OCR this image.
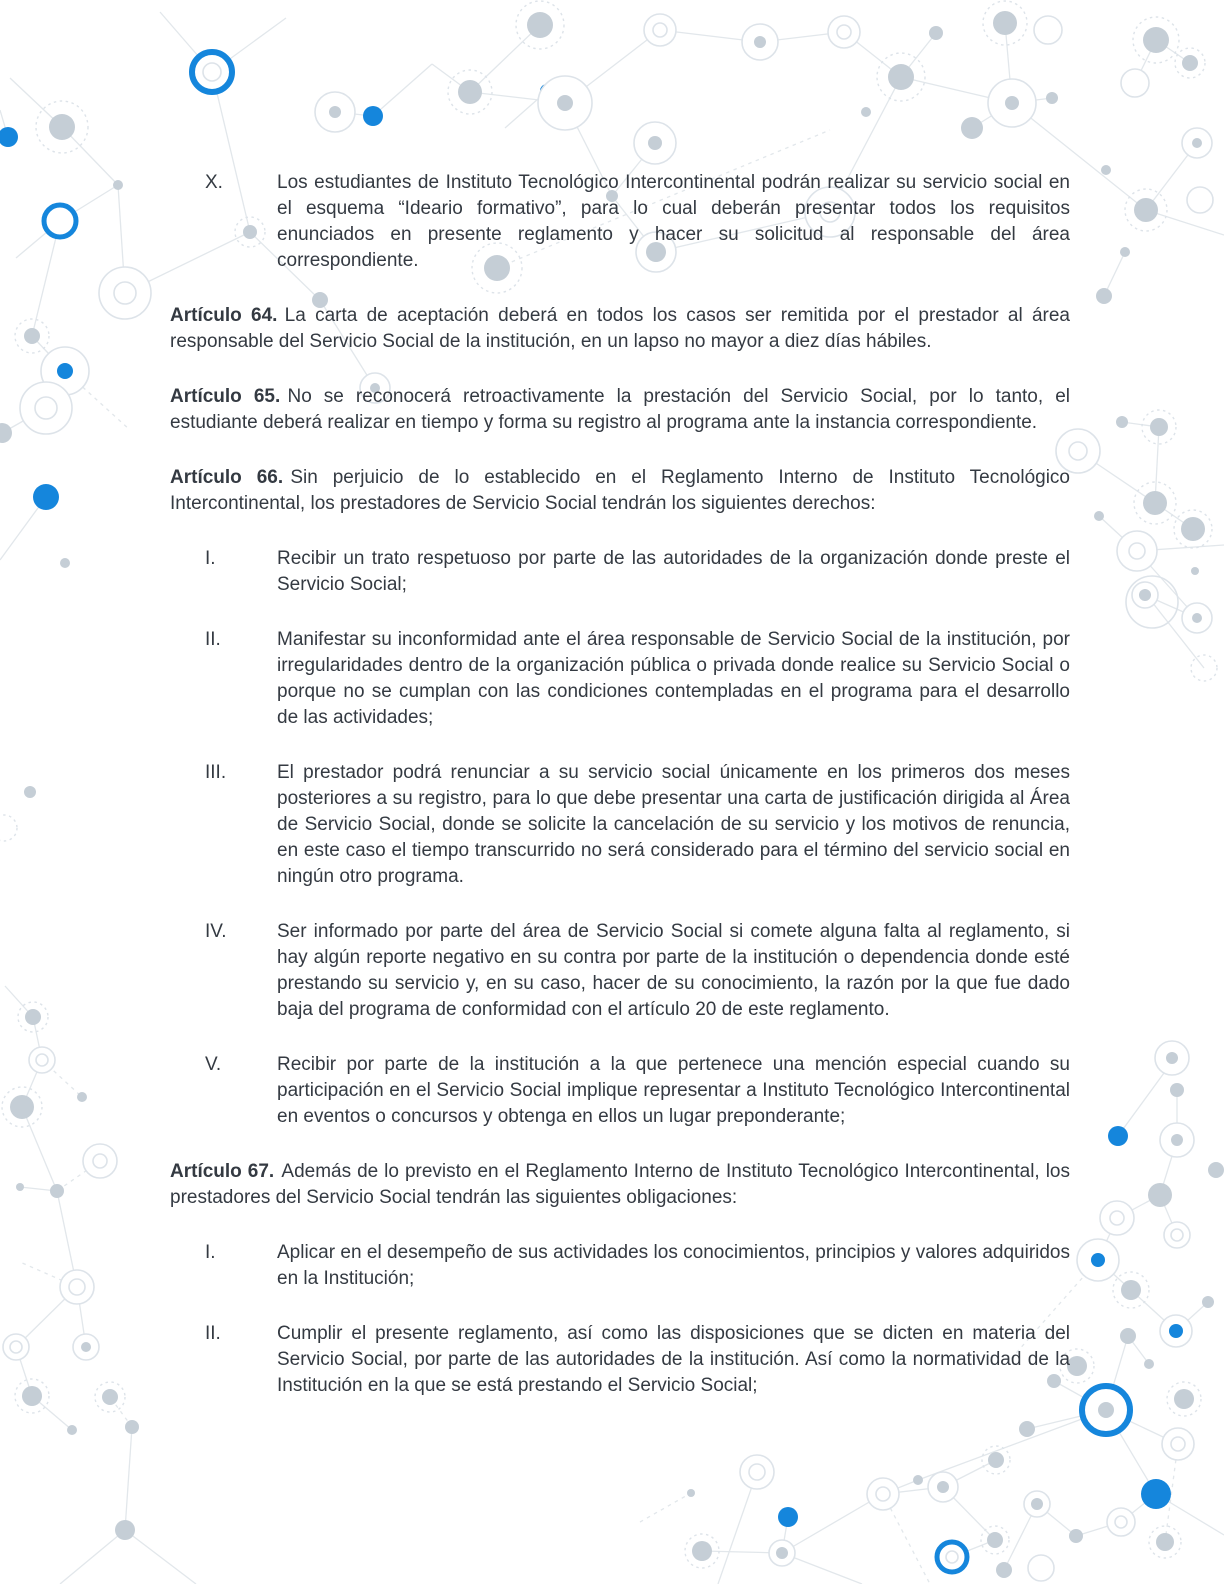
X.	Los estudiantes de Instituto Tecnológico Intercontinental podrán realizar su servicio social en el esquema “Ideario formativo”, para lo cual deberán presentar todos los requisitos enunciados en presente reglamento y hacer su solicitud al responsable del área correspondiente.

Artículo 64. La carta de aceptación deberá en todos los casos ser remitida por el prestador al área responsable del Servicio Social de la institución, en un lapso no mayor a diez días hábiles.

Artículo 65. No se reconocerá retroactivamente la prestación del Servicio Social, por lo tanto, el estudiante deberá realizar en tiempo y forma su registro al programa ante la instancia correspondiente.

Artículo 66. Sin perjuicio de lo establecido en el Reglamento Interno de Instituto Tecnológico Intercontinental, los prestadores de Servicio Social tendrán los siguientes derechos:

I.	Recibir un trato respetuoso por parte de las autoridades de la organización donde preste el Servicio Social;

II.	Manifestar su inconformidad ante el área responsable de Servicio Social de la institución, por irregularidades dentro de la organización pública o privada donde realice su Servicio Social o porque no se cumplan con las condiciones contempladas en el programa para el desarrollo de las actividades;

III.	El prestador podrá renunciar a su servicio social únicamente en los primeros dos meses posteriores a su registro, para lo que debe presentar una carta de justificación dirigida al Área de Servicio Social, donde se solicite la cancelación de su servicio y los motivos de renuncia, en este caso el tiempo transcurrido no será considerado para el término del servicio social en ningún otro programa.

IV.	Ser informado por parte del área de Servicio Social si comete alguna falta al reglamento, si hay algún reporte negativo en su contra por parte de la institución o dependencia donde esté prestando su servicio y, en su caso, hacer de su conocimiento, la razón por la que fue dado baja del programa de conformidad con el artículo 20 de este reglamento.

V.	Recibir por parte de la institución a la que pertenece una mención especial cuando su participación en el Servicio Social implique representar a Instituto Tecnológico Intercontinental en eventos o concursos y obtenga en ellos un lugar preponderante;

Artículo 67. Además de lo previsto en el Reglamento Interno de Instituto Tecnológico Intercontinental, los prestadores del Servicio Social tendrán las siguientes obligaciones:

I.	Aplicar en el desempeño de sus actividades los conocimientos, principios y valores adquiridos en la Institución;

II.	Cumplir el presente reglamento, así como las disposiciones que se dicten en materia del Servicio Social, por parte de las autoridades de la institución. Así como la normatividad de la Institución en la que se está prestando el Servicio Social;
